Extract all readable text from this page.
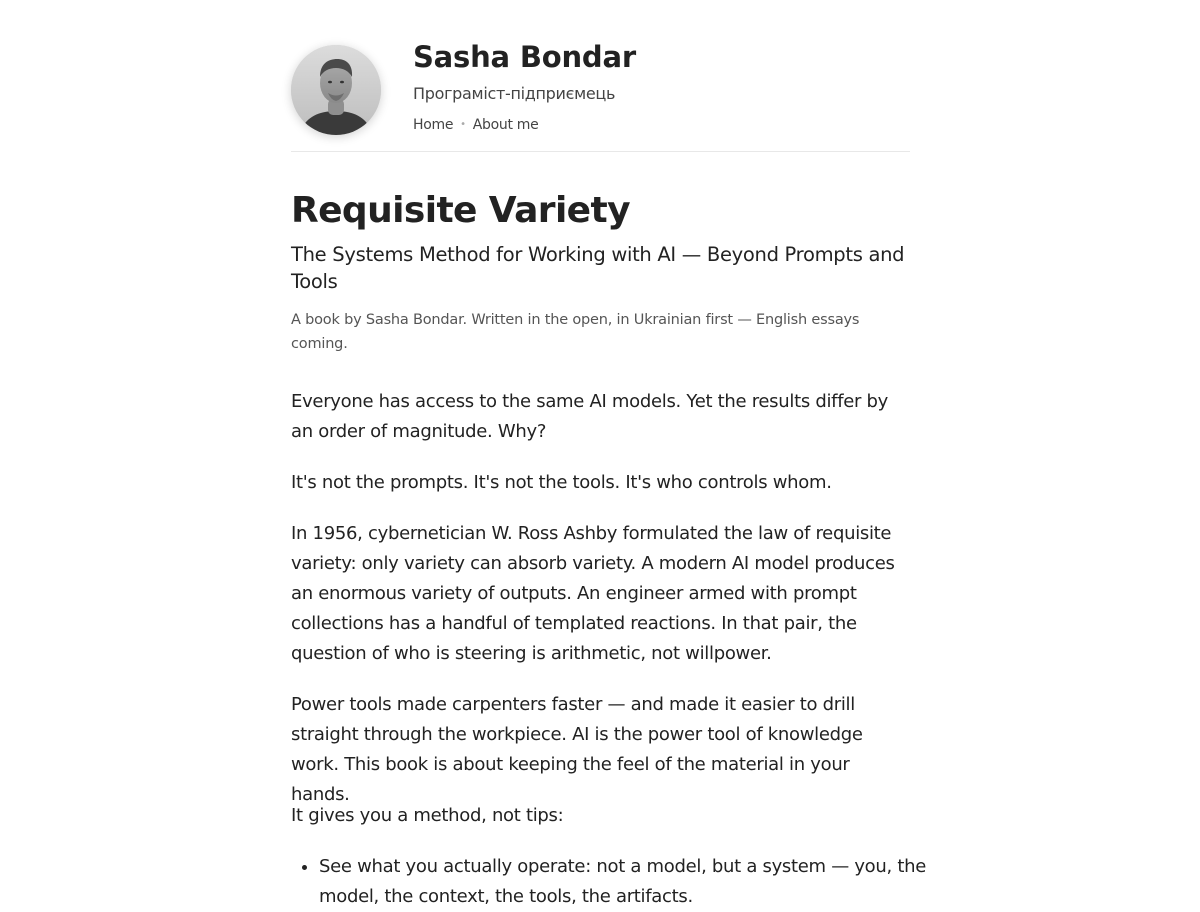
Sasha Bondar
Програміст-підприємець
Home • About me
Requisite Variety

The Systems Method for Working with AI — Beyond Prompts and Tools

A book by Sasha Bondar. Written in the open, in Ukrainian first — English essays coming.

Everyone has access to the same AI models. Yet the results differ by an order of magnitude. Why?

It's not the prompts. It's not the tools. It's who controls whom.

In 1956, cybernetician W. Ross Ashby formulated the law of requisite variety: only variety can absorb variety. A modern AI model produces an enormous variety of outputs. An engineer armed with prompt collections has a handful of templated reactions. In that pair, the question of who is steering is arithmetic, not willpower.

Power tools made carpenters faster — and made it easier to drill straight through the workpiece. AI is the power tool of knowledge work. This book is about keeping the feel of the material in your hands.

It gives you a method, not tips:

• See what you actually operate: not a model, but a system — you, the model, the context, the tools, the artifacts.
